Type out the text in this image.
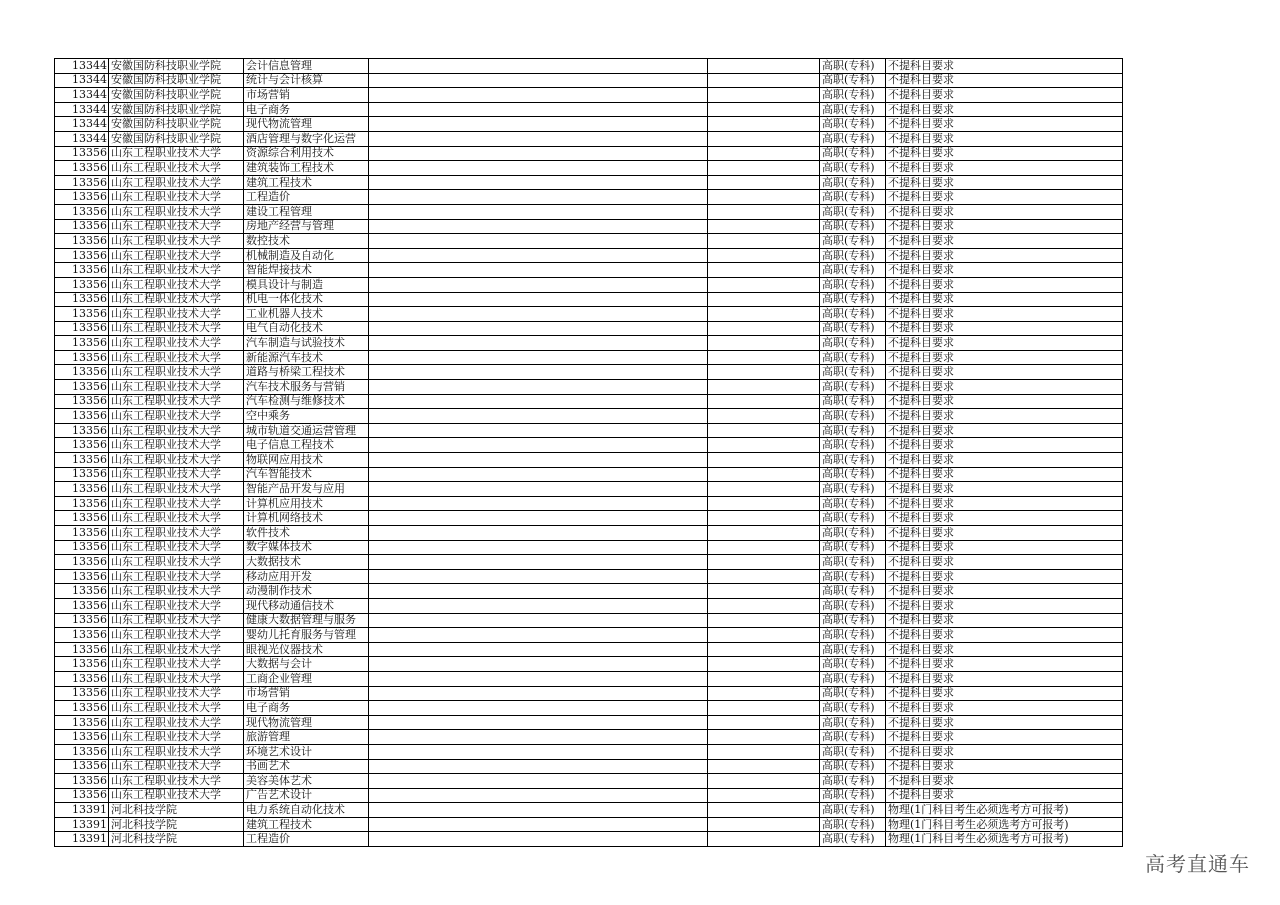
13344	安徽国防科技职业学院	会计信息管理			高职(专科)	不提科目要求
13344	安徽国防科技职业学院	统计与会计核算			高职(专科)	不提科目要求
13344	安徽国防科技职业学院	市场营销			高职(专科)	不提科目要求
13344	安徽国防科技职业学院	电子商务			高职(专科)	不提科目要求
13344	安徽国防科技职业学院	现代物流管理			高职(专科)	不提科目要求
13344	安徽国防科技职业学院	酒店管理与数字化运营			高职(专科)	不提科目要求
13356	山东工程职业技术大学	资源综合利用技术			高职(专科)	不提科目要求
13356	山东工程职业技术大学	建筑装饰工程技术			高职(专科)	不提科目要求
13356	山东工程职业技术大学	建筑工程技术			高职(专科)	不提科目要求
13356	山东工程职业技术大学	工程造价			高职(专科)	不提科目要求
13356	山东工程职业技术大学	建设工程管理			高职(专科)	不提科目要求
13356	山东工程职业技术大学	房地产经营与管理			高职(专科)	不提科目要求
13356	山东工程职业技术大学	数控技术			高职(专科)	不提科目要求
13356	山东工程职业技术大学	机械制造及自动化			高职(专科)	不提科目要求
13356	山东工程职业技术大学	智能焊接技术			高职(专科)	不提科目要求
13356	山东工程职业技术大学	模具设计与制造			高职(专科)	不提科目要求
13356	山东工程职业技术大学	机电一体化技术			高职(专科)	不提科目要求
13356	山东工程职业技术大学	工业机器人技术			高职(专科)	不提科目要求
13356	山东工程职业技术大学	电气自动化技术			高职(专科)	不提科目要求
13356	山东工程职业技术大学	汽车制造与试验技术			高职(专科)	不提科目要求
13356	山东工程职业技术大学	新能源汽车技术			高职(专科)	不提科目要求
13356	山东工程职业技术大学	道路与桥梁工程技术			高职(专科)	不提科目要求
13356	山东工程职业技术大学	汽车技术服务与营销			高职(专科)	不提科目要求
13356	山东工程职业技术大学	汽车检测与维修技术			高职(专科)	不提科目要求
13356	山东工程职业技术大学	空中乘务			高职(专科)	不提科目要求
13356	山东工程职业技术大学	城市轨道交通运营管理			高职(专科)	不提科目要求
13356	山东工程职业技术大学	电子信息工程技术			高职(专科)	不提科目要求
13356	山东工程职业技术大学	物联网应用技术			高职(专科)	不提科目要求
13356	山东工程职业技术大学	汽车智能技术			高职(专科)	不提科目要求
13356	山东工程职业技术大学	智能产品开发与应用			高职(专科)	不提科目要求
13356	山东工程职业技术大学	计算机应用技术			高职(专科)	不提科目要求
13356	山东工程职业技术大学	计算机网络技术			高职(专科)	不提科目要求
13356	山东工程职业技术大学	软件技术			高职(专科)	不提科目要求
13356	山东工程职业技术大学	数字媒体技术			高职(专科)	不提科目要求
13356	山东工程职业技术大学	大数据技术			高职(专科)	不提科目要求
13356	山东工程职业技术大学	移动应用开发			高职(专科)	不提科目要求
13356	山东工程职业技术大学	动漫制作技术			高职(专科)	不提科目要求
13356	山东工程职业技术大学	现代移动通信技术			高职(专科)	不提科目要求
13356	山东工程职业技术大学	健康大数据管理与服务			高职(专科)	不提科目要求
13356	山东工程职业技术大学	婴幼儿托育服务与管理			高职(专科)	不提科目要求
13356	山东工程职业技术大学	眼视光仪器技术			高职(专科)	不提科目要求
13356	山东工程职业技术大学	大数据与会计			高职(专科)	不提科目要求
13356	山东工程职业技术大学	工商企业管理			高职(专科)	不提科目要求
13356	山东工程职业技术大学	市场营销			高职(专科)	不提科目要求
13356	山东工程职业技术大学	电子商务			高职(专科)	不提科目要求
13356	山东工程职业技术大学	现代物流管理			高职(专科)	不提科目要求
13356	山东工程职业技术大学	旅游管理			高职(专科)	不提科目要求
13356	山东工程职业技术大学	环境艺术设计			高职(专科)	不提科目要求
13356	山东工程职业技术大学	书画艺术			高职(专科)	不提科目要求
13356	山东工程职业技术大学	美容美体艺术			高职(专科)	不提科目要求
13356	山东工程职业技术大学	广告艺术设计			高职(专科)	不提科目要求
13391	河北科技学院	电力系统自动化技术			高职(专科)	物理(1门科目考生必须选考方可报考)
13391	河北科技学院	建筑工程技术			高职(专科)	物理(1门科目考生必须选考方可报考)
13391	河北科技学院	工程造价			高职(专科)	物理(1门科目考生必须选考方可报考)
高考直通车
